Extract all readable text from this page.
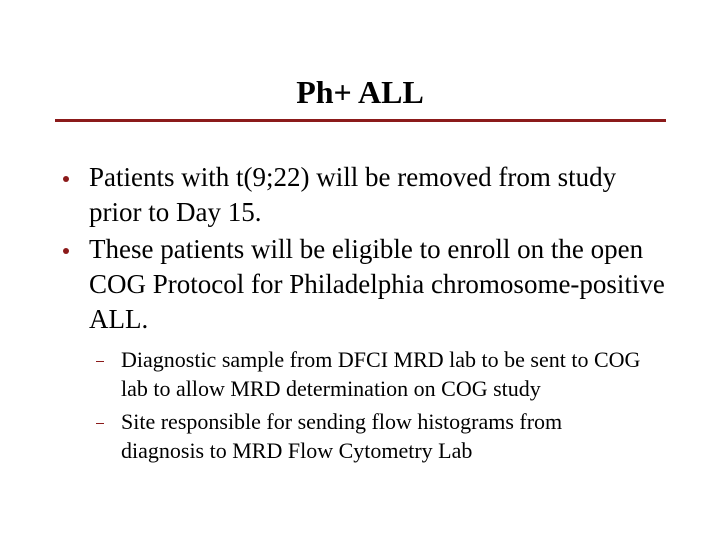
Ph+ ALL
Patients with t(9;22) will be removed from study prior to Day 15.
These patients will be eligible to enroll on the open COG Protocol for Philadelphia chromosome-positive ALL.
Diagnostic sample from DFCI MRD lab to be sent to COG lab to allow MRD determination on COG study
Site responsible for sending flow histograms from diagnosis to MRD Flow Cytometry Lab
